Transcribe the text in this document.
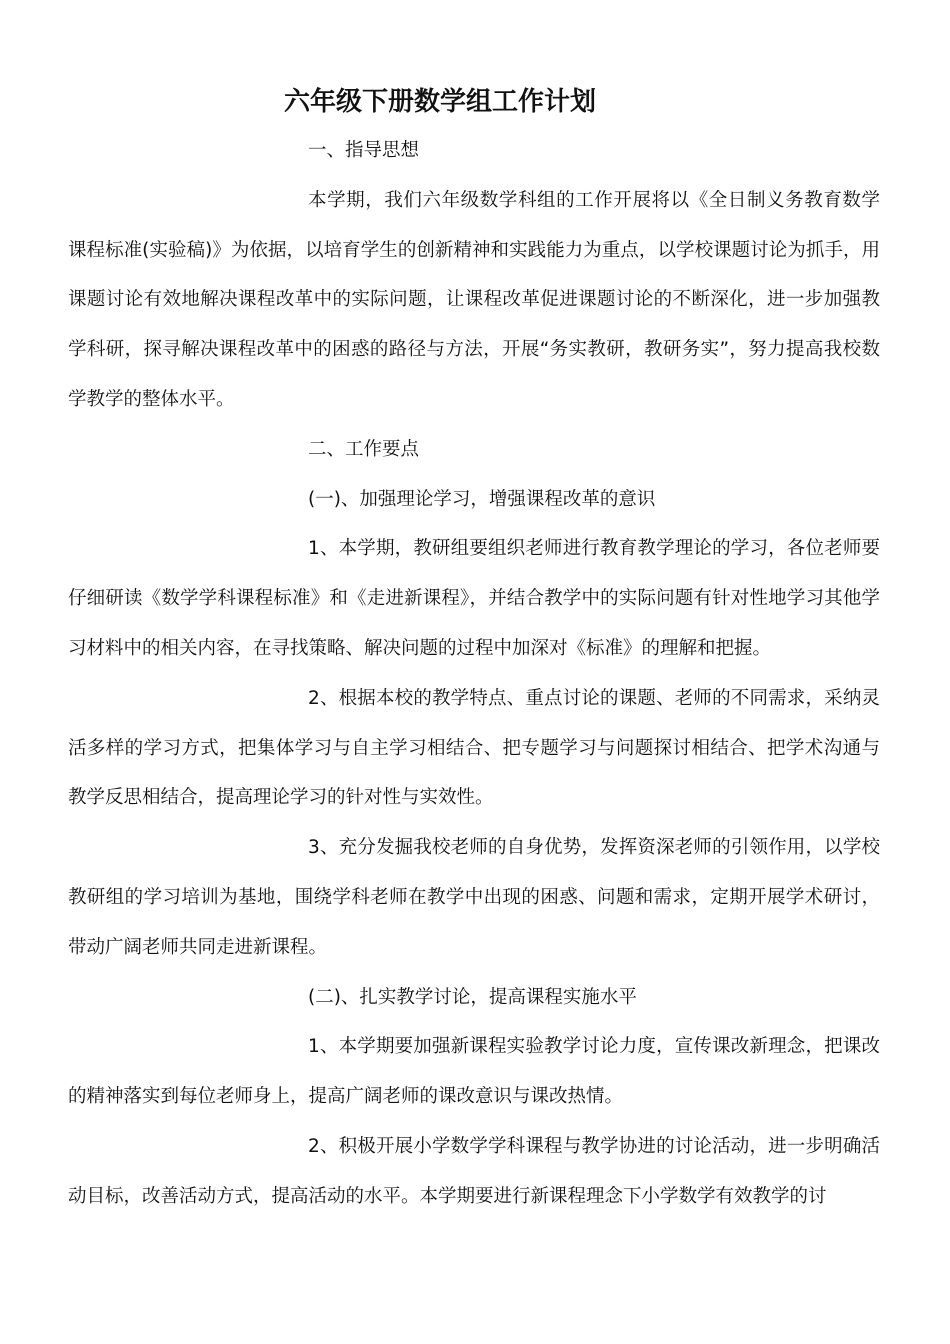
六年级下册数学组工作计划

一、指导思想

本学期，我们六年级数学科组的工作开展将以《全日制义务教育数学课程标准(实验稿)》为依据，以培育学生的创新精神和实践能力为重点，以学校课题讨论为抓手，用课题讨论有效地解决课程改革中的实际问题，让课程改革促进课题讨论的不断深化，进一步加强教学科研，探寻解决课程改革中的困惑的路径与方法，开展“务实教研，教研务实”，努力提高我校数学教学的整体水平。

二、工作要点

(一)、加强理论学习，增强课程改革的意识

1、本学期，教研组要组织老师进行教育教学理论的学习，各位老师要仔细研读《数学学科课程标准》和《走进新课程》，并结合教学中的实际问题有针对性地学习其他学习材料中的相关内容，在寻找策略、解决问题的过程中加深对《标准》的理解和把握。

2、根据本校的教学特点、重点讨论的课题、老师的不同需求，采纳灵活多样的学习方式，把集体学习与自主学习相结合、把专题学习与问题探讨相结合、把学术沟通与教学反思相结合，提高理论学习的针对性与实效性。

3、充分发掘我校老师的自身优势，发挥资深老师的引领作用，以学校教研组的学习培训为基地，围绕学科老师在教学中出现的困惑、问题和需求，定期开展学术研讨，带动广阔老师共同走进新课程。

(二)、扎实教学讨论，提高课程实施水平

1、本学期要加强新课程实验教学讨论力度，宣传课改新理念，把课改的精神落实到每位老师身上，提高广阔老师的课改意识与课改热情。

2、积极开展小学数学学科课程与教学协进的讨论活动，进一步明确活动目标，改善活动方式，提高活动的水平。本学期要进行新课程理念下小学数学有效教学的讨
